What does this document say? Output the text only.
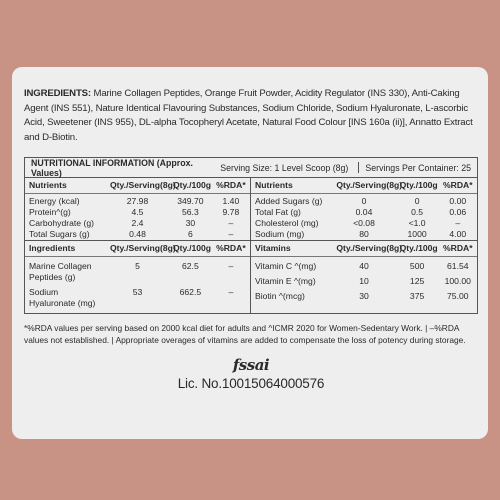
INGREDIENTS: Marine Collagen Peptides, Orange Fruit Powder, Acidity Regulator (INS 330), Anti-Caking Agent (INS 551), Nature Identical Flavouring Substances, Sodium Chloride, Sodium Hyaluronate, L-ascorbic Acid, Sweetener (INS 955), DL-alpha Tocopheryl Acetate, Natural Food Colour [INS 160a (ii)], Annatto Extract and D-Biotin.
NUTRITIONAL INFORMATION (Approx. Values)	Serving Size: 1 Level Scoop (8g) Servings Per Container: 25
Nutrients	Qty./Serving(8g)	Qty./100g	%RDA*
Energy (kcal)	27.98	349.70	1.40
Protein^(g)	4.5	56.3	9.78
Carbohydrate (g)	2.4	30	–
Total Sugars (g)	0.48	6	–
Nutrients	Qty./Serving(8g)	Qty./100g	%RDA*
Added Sugars (g)	0	0	0.00
Total Fat (g)	0.04	0.5	0.06
Cholesterol (mg)	<0.08	<1.0	–
Sodium (mg)	80	1000	4.00
Ingredients	Qty./Serving(8g)	Qty./100g	%RDA*
Marine Collagen Peptides (g)	5	62.5	–
Sodium Hyaluronate (mg)	53	662.5	–
Vitamins	Qty./Serving(8g)	Qty./100g	%RDA*
Vitamin C ^(mg)	40	500	61.54
Vitamin E ^(mg)	10	125	100.00
Biotin ^(mcg)	30	375	75.00
*%RDA values per serving based on 2000 kcal diet for adults and ^ICMR 2020 for Women-Sedentary Work. | –%RDA values not established. | Appropriate overages of vitamins are added to compensate the loss of potency during storage.
fssai
Lic. No.10015064000576
